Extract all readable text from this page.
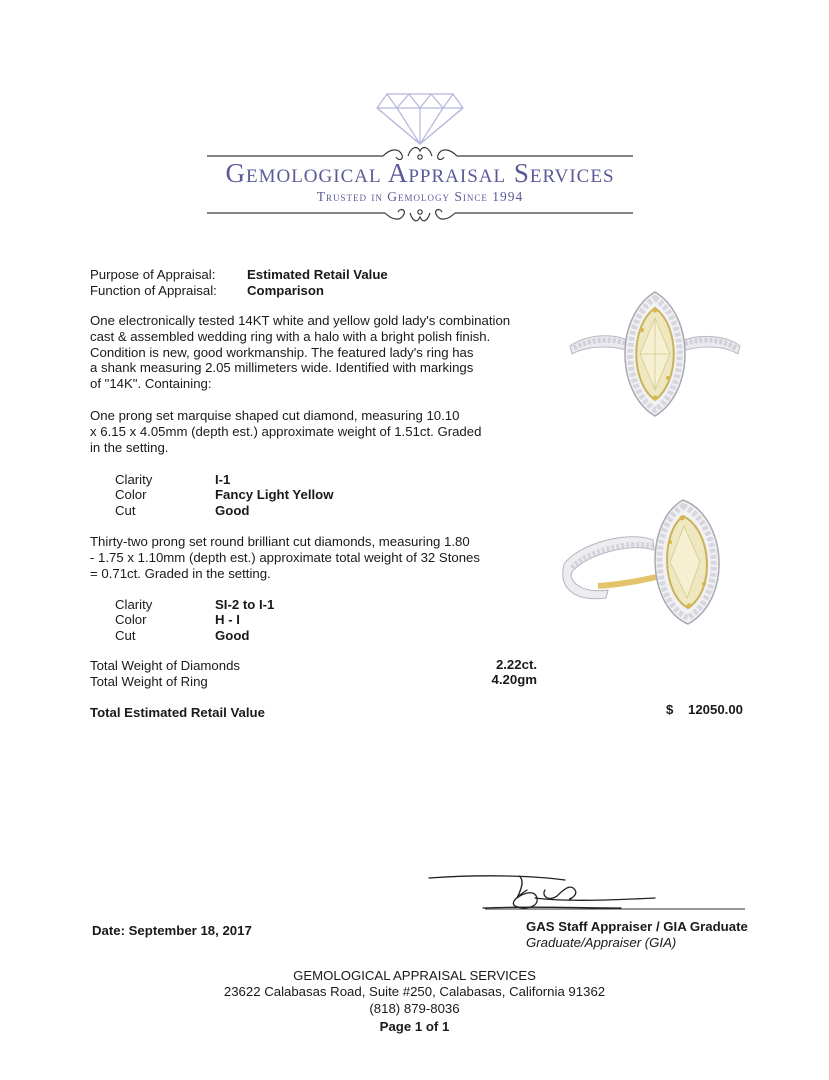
Gemological Appraisal Services
Trusted in Gemology Since 1994
Purpose of Appraisal: Estimated Retail Value
Function of Appraisal: Comparison
One electronically tested 14KT white and yellow gold lady's combination
cast & assembled wedding ring with a halo with a bright polish finish.
Condition is new, good workmanship. The featured lady's ring has
a shank measuring 2.05 millimeters wide. Identified with markings
of "14K". Containing:
One prong set marquise shaped cut diamond, measuring 10.10
x 6.15 x 4.05mm (depth est.) approximate weight of 1.51ct. Graded
in the setting.
Clarity	I-1
Color	Fancy Light Yellow
Cut	Good
Thirty-two prong set round brilliant cut diamonds, measuring 1.80
- 1.75 x 1.10mm (depth est.) approximate total weight of 32 Stones
= 0.71ct. Graded in the setting.
Clarity	SI-2 to I-1
Color	H - I
Cut	Good
Total Weight of Diamonds	2.22ct.
Total Weight of Ring	4.20gm
Total Estimated Retail Value	$	12050.00
Date: September 18, 2017	GAS Staff Appraiser / GIA Graduate
Graduate/Appraiser (GIA)
GEMOLOGICAL APPRAISAL SERVICES
23622 Calabasas Road, Suite #250, Calabasas, California 91362
(818) 879-8036
Page 1 of 1
